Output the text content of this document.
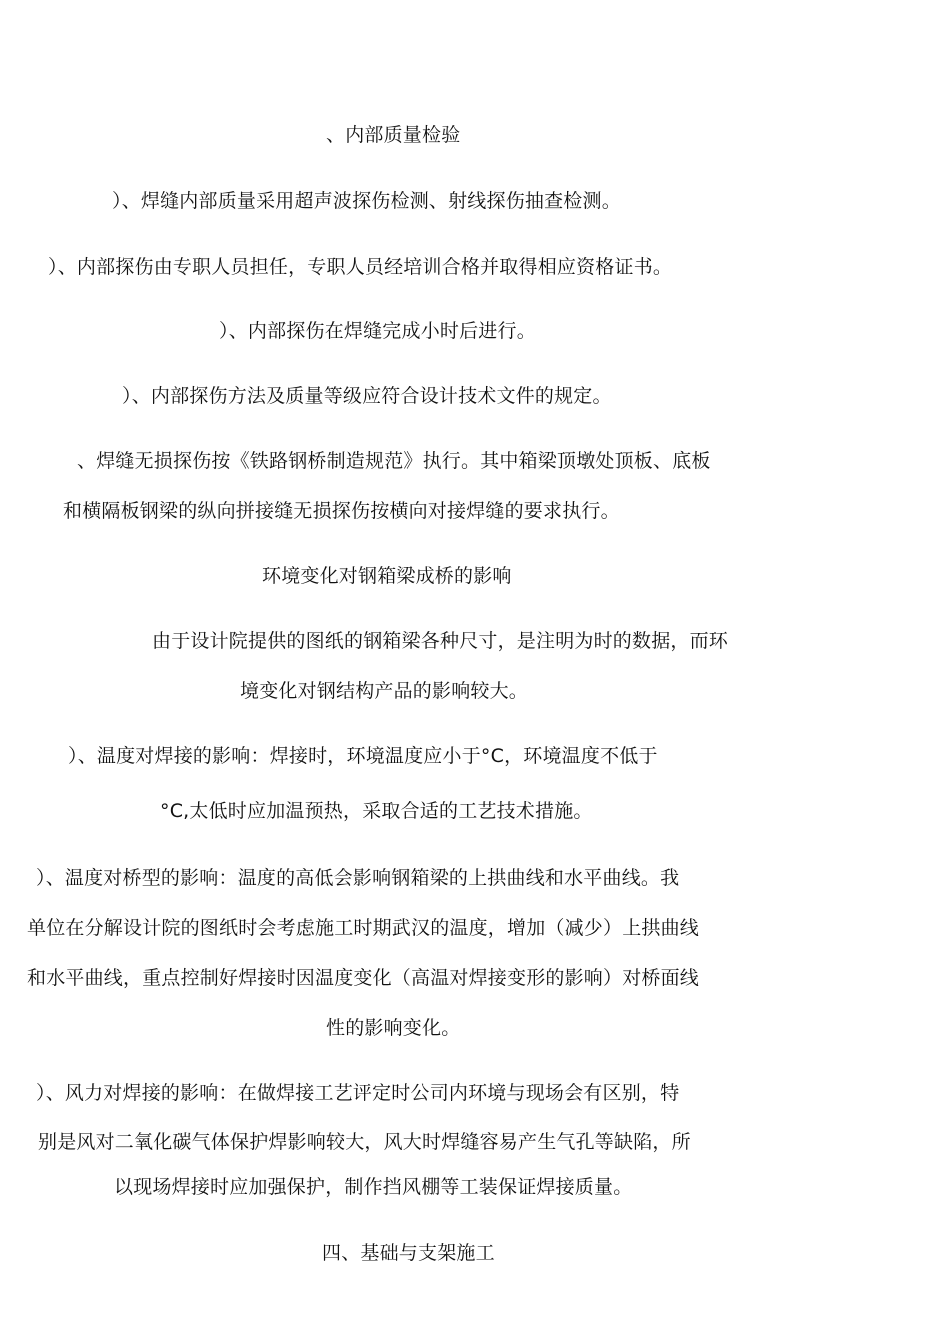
、内部质量检验
）、焊缝内部质量采用超声波探伤检测、射线探伤抽查检测。
）、内部探伤由专职人员担任，专职人员经培训合格并取得相应资格证书。
）、内部探伤在焊缝完成小时后进行。
）、内部探伤方法及质量等级应符合设计技术文件的规定。
、焊缝无损探伤按《铁路钢桥制造规范》执行。其中箱梁顶墩处顶板、底板
和横隔板钢梁的纵向拼接缝无损探伤按横向对接焊缝的要求执行。
环境变化对钢箱梁成桥的影响
由于设计院提供的图纸的钢箱梁各种尺寸，是注明为时的数据，而环
境变化对钢结构产品的影响较大。
）、温度对焊接的影响：焊接时，环境温度应小于°C，环境温度不低于
°C,太低时应加温预热，采取合适的工艺技术措施。
）、温度对桥型的影响：温度的高低会影响钢箱梁的上拱曲线和水平曲线。我
单位在分解设计院的图纸时会考虑施工时期武汉的温度，增加（减少）上拱曲线
和水平曲线，重点控制好焊接时因温度变化（高温对焊接变形的影响）对桥面线
性的影响变化。
）、风力对焊接的影响：在做焊接工艺评定时公司内环境与现场会有区别，特
别是风对二氧化碳气体保护焊影响较大，风大时焊缝容易产生气孔等缺陷，所
以现场焊接时应加强保护，制作挡风棚等工装保证焊接质量。
四、基础与支架施工
